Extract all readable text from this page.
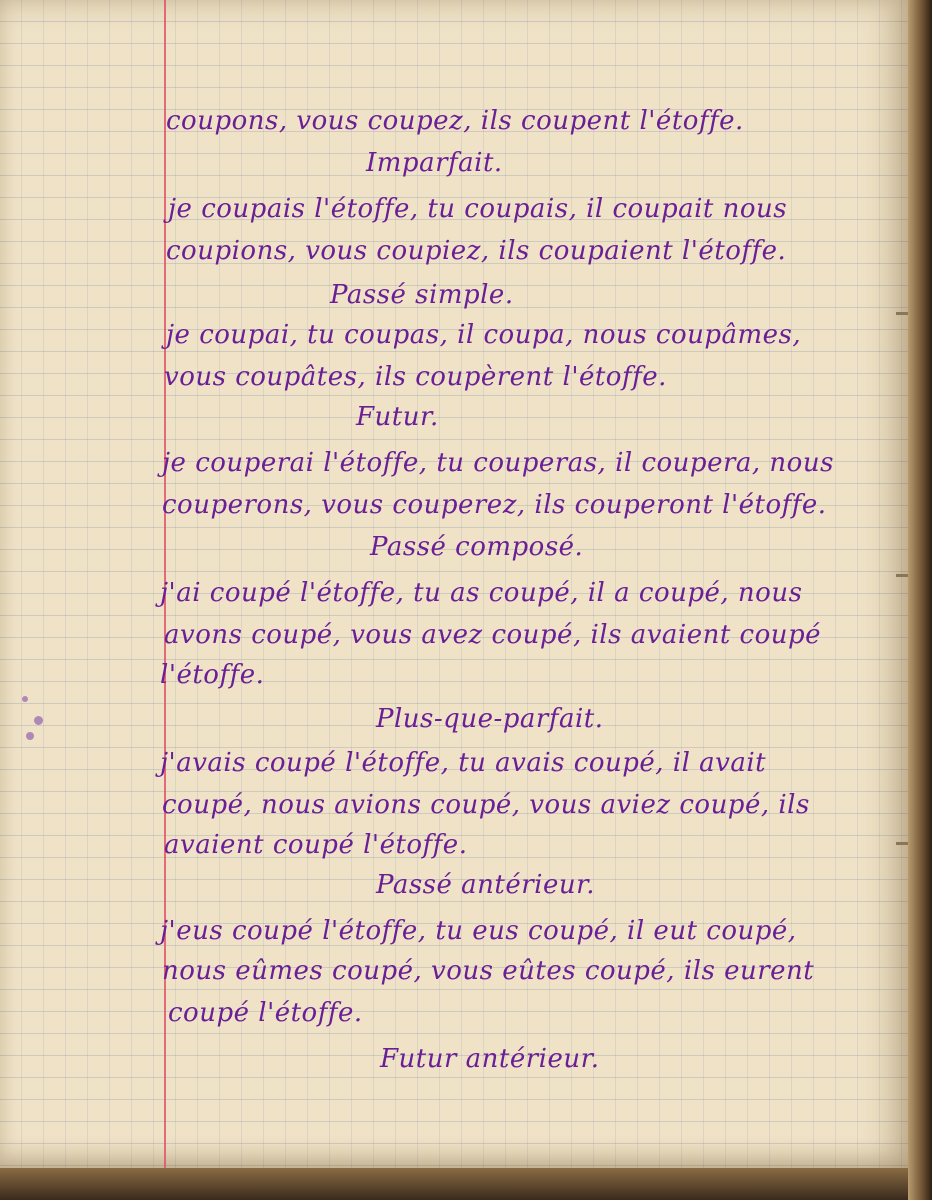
coupons, vous coupez, ils coupent l'étoffe.

Imparfait.

je coupais l'étoffe, tu coupais, il coupait nous

coupions, vous coupiez, ils coupaient l'étoffe.

Passé simple.

je coupai, tu coupas, il coupa, nous coupâmes,

vous coupâtes, ils coupèrent l'étoffe.

Futur.

je couperai l'étoffe, tu couperas, il coupera, nous

couperons, vous couperez, ils couperont l'étoffe.

Passé composé.

j'ai coupé l'étoffe, tu as coupé, il a coupé, nous

avons coupé, vous avez coupé, ils avaient coupé

l'étoffe.

Plus-que-parfait.

j'avais coupé l'étoffe, tu avais coupé, il avait

coupé, nous avions coupé, vous aviez coupé, ils

avaient coupé l'étoffe.

Passé antérieur.

j'eus coupé l'étoffe, tu eus coupé, il eut coupé,

nous eûmes coupé, vous eûtes coupé, ils eurent

coupé l'étoffe.

Futur antérieur.
